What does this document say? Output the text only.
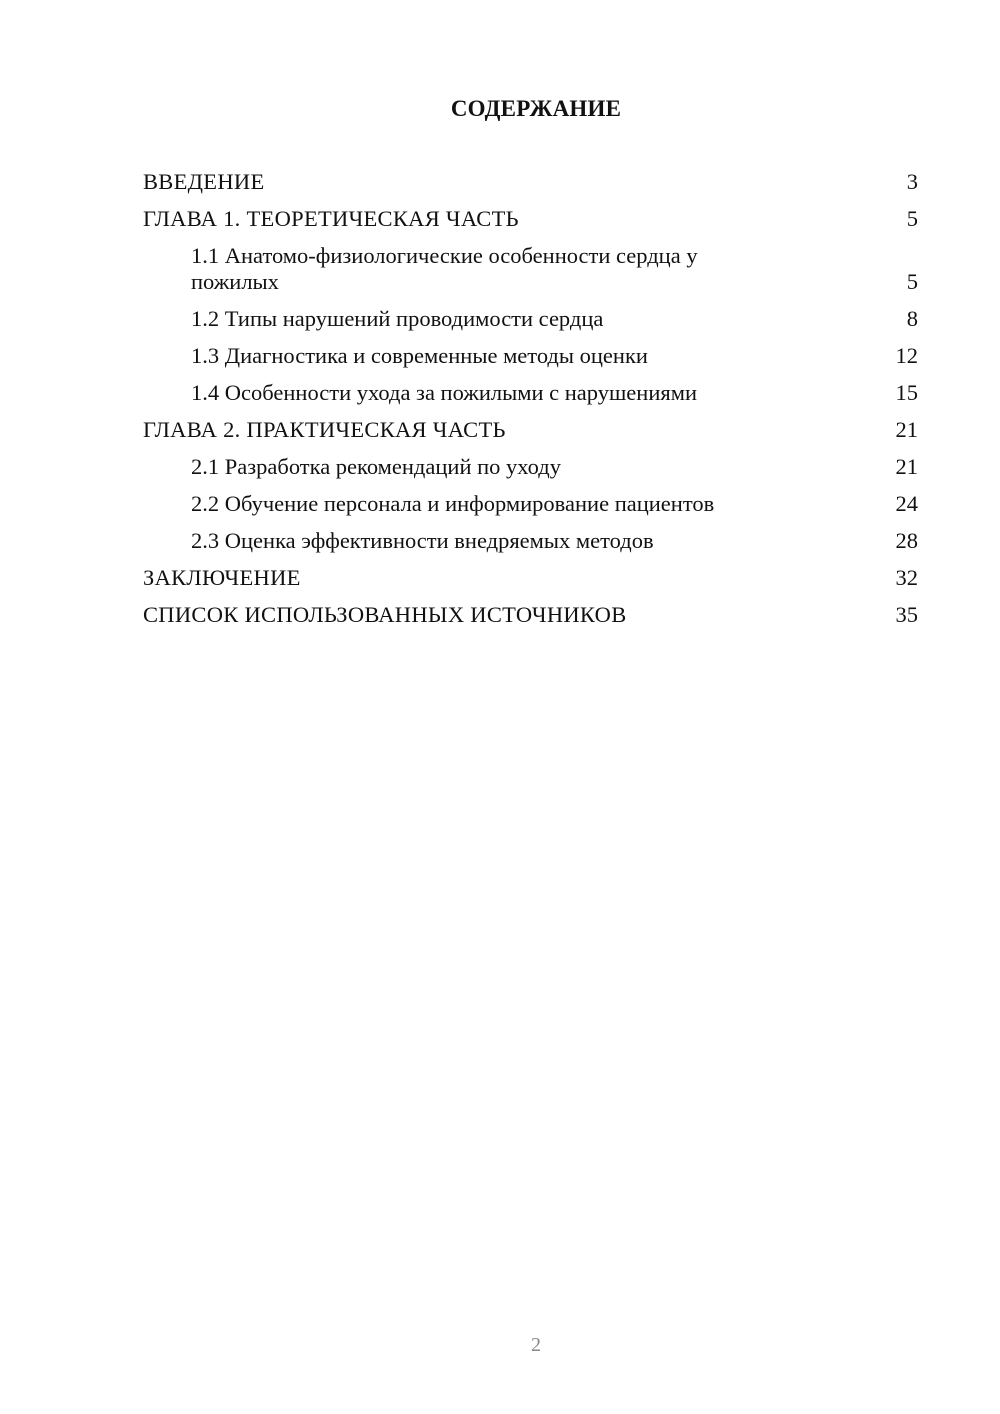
СОДЕРЖАНИЕ
ВВЕДЕНИЕ	3
ГЛАВА 1. ТЕОРЕТИЧЕСКАЯ ЧАСТЬ	5
1.1 Анатомо-физиологические особенности сердца у пожилых	5
1.2 Типы нарушений проводимости сердца	8
1.3 Диагностика и современные методы оценки	12
1.4 Особенности ухода за пожилыми с нарушениями	15
ГЛАВА 2. ПРАКТИЧЕСКАЯ ЧАСТЬ	21
2.1 Разработка рекомендаций по уходу	21
2.2 Обучение персонала и информирование пациентов	24
2.3 Оценка эффективности внедряемых методов	28
ЗАКЛЮЧЕНИЕ	32
СПИСОК ИСПОЛЬЗОВАННЫХ ИСТОЧНИКОВ	35
2
